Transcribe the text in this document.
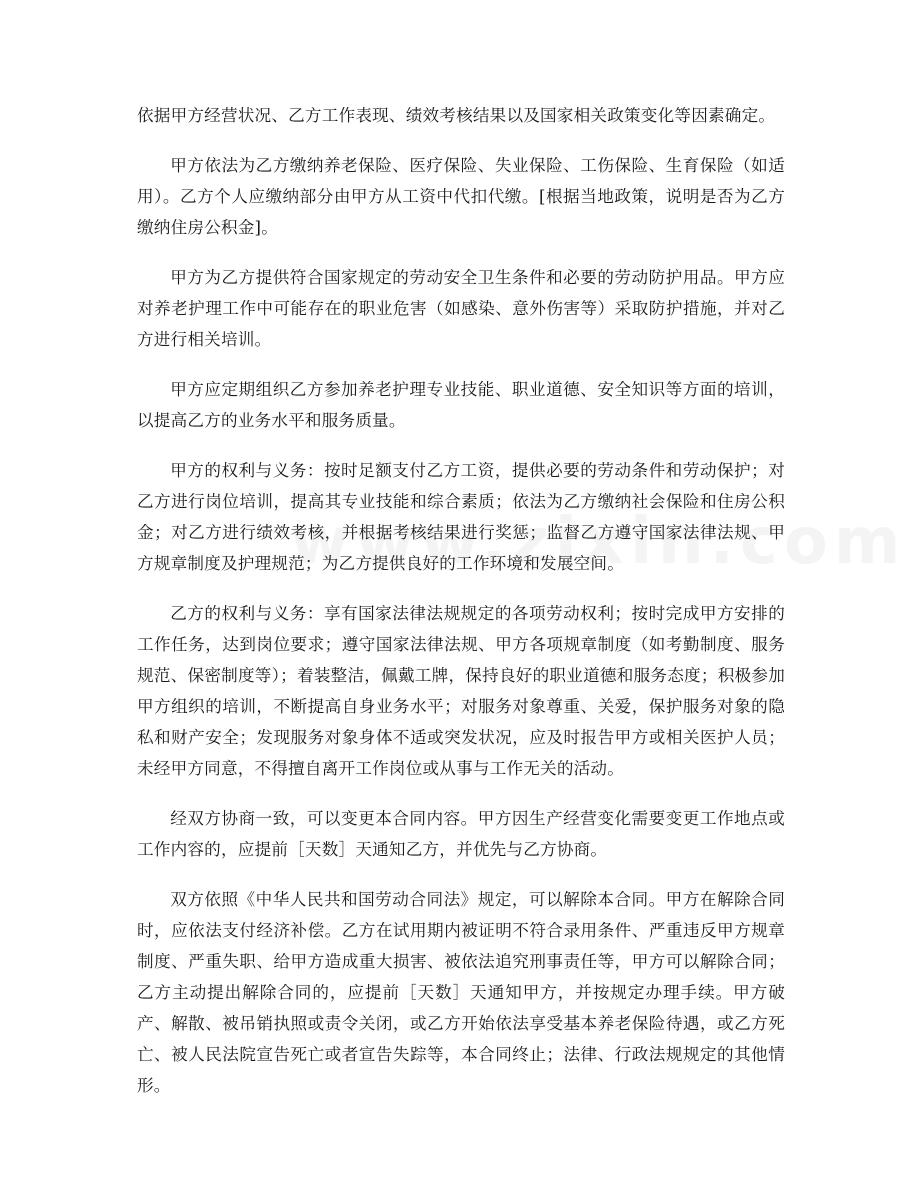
依据甲方经营状况、乙方工作表现、绩效考核结果以及国家相关政策变化等因素确定。

甲方依法为乙方缴纳养老保险、医疗保险、失业保险、工伤保险、生育保险（如适用）。乙方个人应缴纳部分由甲方从工资中代扣代缴。[根据当地政策，说明是否为乙方缴纳住房公积金]。

甲方为乙方提供符合国家规定的劳动安全卫生条件和必要的劳动防护用品。甲方应对养老护理工作中可能存在的职业危害（如感染、意外伤害等）采取防护措施，并对乙方进行相关培训。

甲方应定期组织乙方参加养老护理专业技能、职业道德、安全知识等方面的培训，以提高乙方的业务水平和服务质量。

甲方的权利与义务：按时足额支付乙方工资，提供必要的劳动条件和劳动保护；对乙方进行岗位培训，提高其专业技能和综合素质；依法为乙方缴纳社会保险和住房公积金；对乙方进行绩效考核，并根据考核结果进行奖惩；监督乙方遵守国家法律法规、甲方规章制度及护理规范；为乙方提供良好的工作环境和发展空间。

乙方的权利与义务：享有国家法律法规规定的各项劳动权利；按时完成甲方安排的工作任务，达到岗位要求；遵守国家法律法规、甲方各项规章制度（如考勤制度、服务规范、保密制度等）；着装整洁，佩戴工牌，保持良好的职业道德和服务态度；积极参加甲方组织的培训，不断提高自身业务水平；对服务对象尊重、关爱，保护服务对象的隐私和财产安全；发现服务对象身体不适或突发状况，应及时报告甲方或相关医护人员；未经甲方同意，不得擅自离开工作岗位或从事与工作无关的活动。

经双方协商一致，可以变更本合同内容。甲方因生产经营变化需要变更工作地点或工作内容的，应提前［天数］天通知乙方，并优先与乙方协商。

双方依照《中华人民共和国劳动合同法》规定，可以解除本合同。甲方在解除合同时，应依法支付经济补偿。乙方在试用期内被证明不符合录用条件、严重违反甲方规章制度、严重失职、给甲方造成重大损害、被依法追究刑事责任等，甲方可以解除合同；乙方主动提出解除合同的，应提前［天数］天通知甲方，并按规定办理手续。甲方破产、解散、被吊销执照或责令关闭，或乙方开始依法享受基本养老保险待遇，或乙方死亡、被人民法院宣告死亡或者宣告失踪等，本合同终止；法律、行政法规规定的其他情形。
